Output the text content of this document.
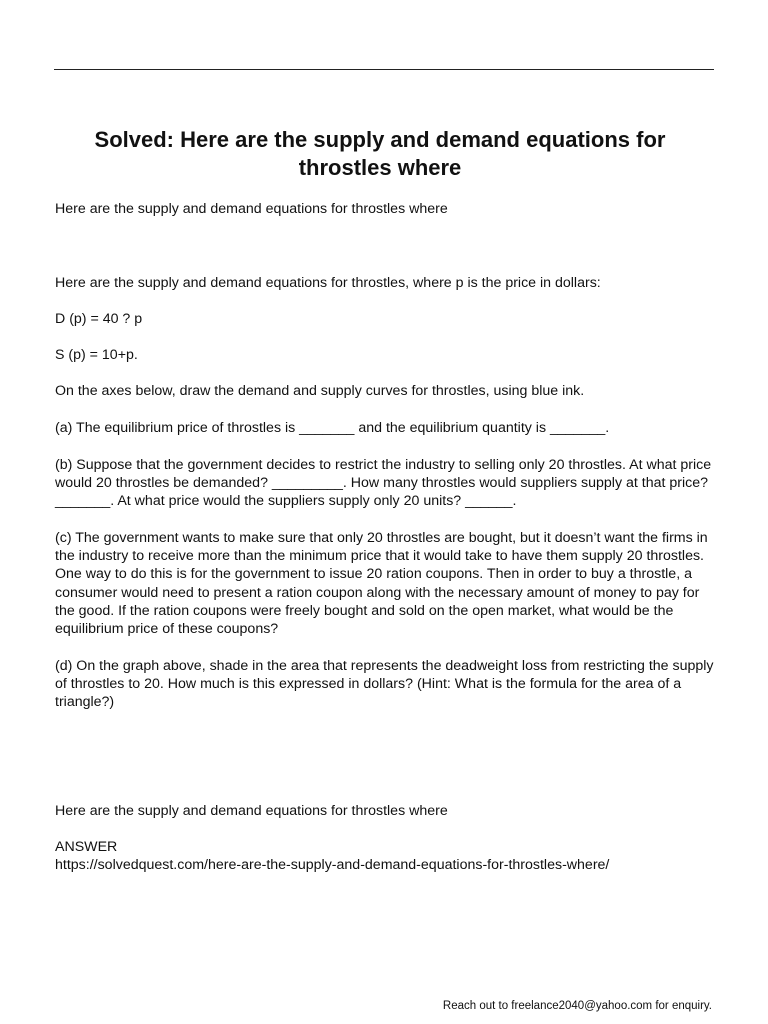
Solved: Here are the supply and demand equations for throstles where

Here are the supply and demand equations for throstles where

Here are the supply and demand equations for throstles, where p is the price in dollars:

D (p) = 40 ? p

S (p) = 10+p.

On the axes below, draw the demand and supply curves for throstles, using blue ink.

(a) The equilibrium price of throstles is _______ and the equilibrium quantity is _______.

(b) Suppose that the government decides to restrict the industry to selling only 20 throstles. At what price would 20 throstles be demanded? _________. How many throstles would suppliers supply at that price? _______. At what price would the suppliers supply only 20 units? ______.

(c) The government wants to make sure that only 20 throstles are bought, but it doesn’t want the firms in the industry to receive more than the minimum price that it would take to have them supply 20 throstles. One way to do this is for the government to issue 20 ration coupons. Then in order to buy a throstle, a consumer would need to present a ration coupon along with the necessary amount of money to pay for the good. If the ration coupons were freely bought and sold on the open market, what would be the equilibrium price of these coupons?

(d) On the graph above, shade in the area that represents the deadweight loss from restricting the supply of throstles to 20. How much is this expressed in dollars? (Hint: What is the formula for the area of a triangle?)

Here are the supply and demand equations for throstles where

ANSWER

https://solvedquest.com/here-are-the-supply-and-demand-equations-for-throstles-where/

Reach out to freelance2040@yahoo.com for enquiry.
